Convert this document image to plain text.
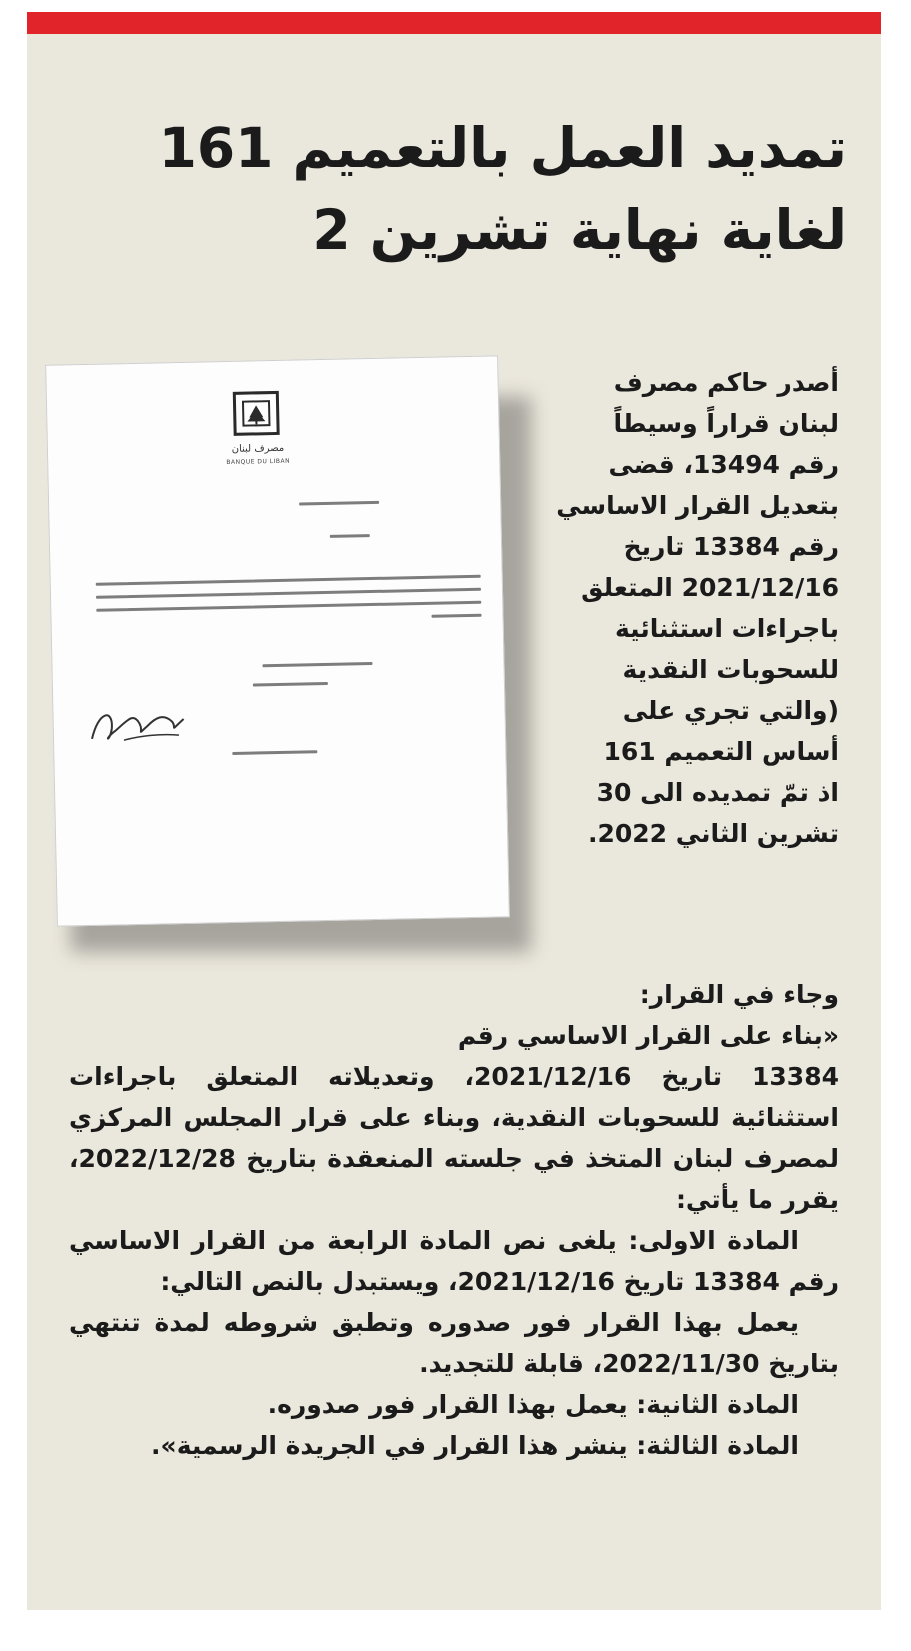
تمديد العمل بالتعميم 161
لغاية نهاية تشرين 2
مصرف لبنان
BANQUE DU LIBAN
أصدر حاكم مصرف
لبنان قراراً وسيطاً
رقم 13494، قضى
بتعديل القرار الاساسي
رقم 13384 تاريخ
2021/12/16 المتعلق
باجراءات استثنائية
للسحوبات النقدية
(والتي تجري على
أساس التعميم 161
اذ تمّ تمديده الى 30
تشرين الثاني 2022.
وجاء في القرار:

«بناء على القرار الاساسي رقم

13384 تاريخ 2021/12/16، وتعديلاته المتعلق باجراءات استثنائية للسحوبات النقدية، وبناء على قرار المجلس المركزي لمصرف لبنان المتخذ في جلسته المنعقدة بتاريخ 2022/12/28، يقرر ما يأتي:

المادة الاولى: يلغى نص المادة الرابعة من القرار الاساسي رقم 13384 تاريخ 2021/12/16، ويستبدل بالنص التالي:

يعمل بهذا القرار فور صدوره وتطبق شروطه لمدة تنتهي بتاريخ 2022/11/30، قابلة للتجديد.

المادة الثانية: يعمل بهذا القرار فور صدوره.

المادة الثالثة: ينشر هذا القرار في الجريدة الرسمية».
